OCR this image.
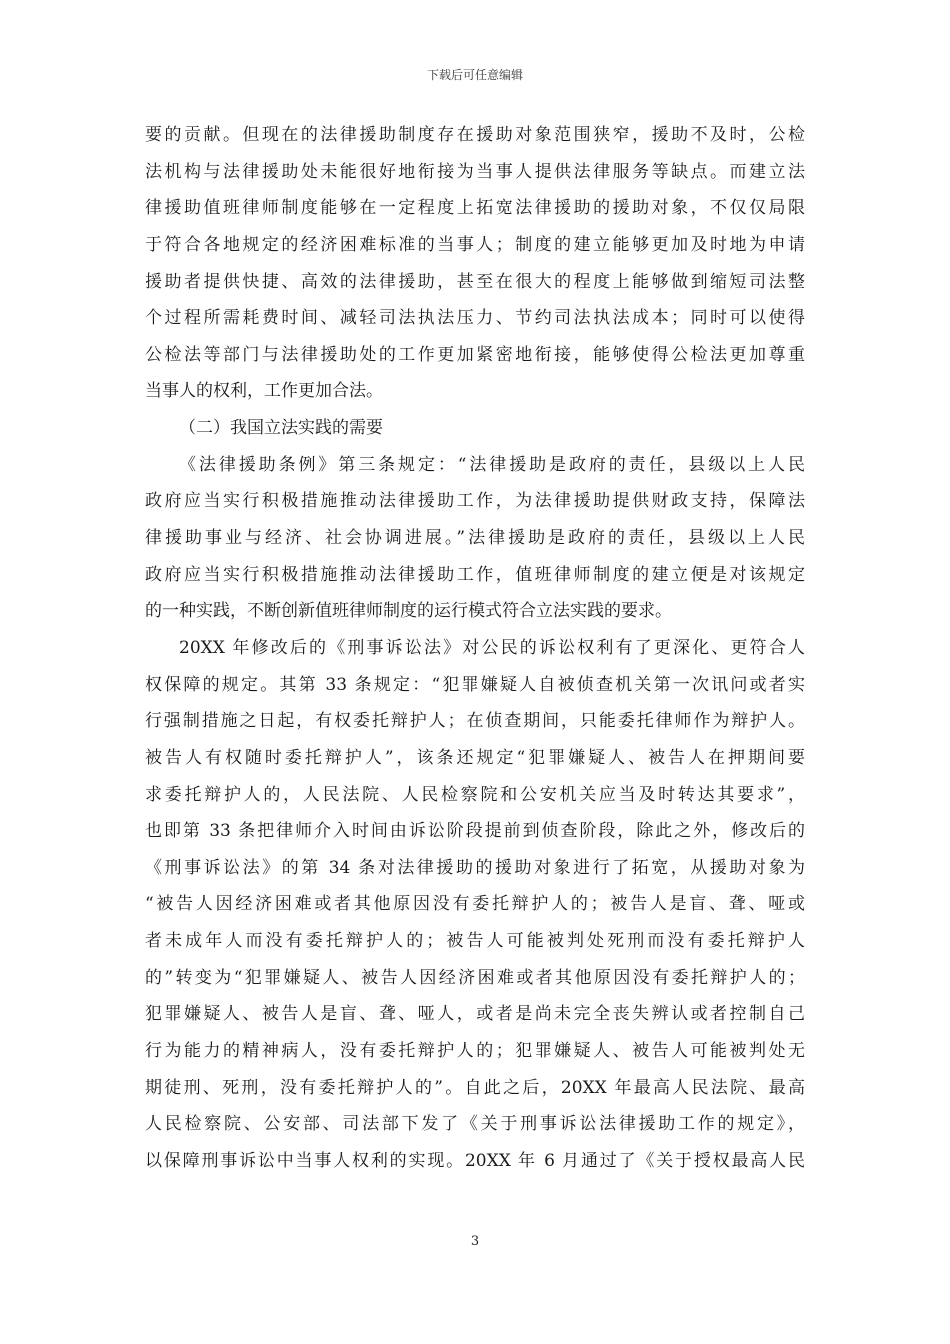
下载后可任意编辑
要的贡献。但现在的法律援助制度存在援助对象范围狭窄，援助不及时，公检
法机构与法律援助处未能很好地衔接为当事人提供法律服务等缺点。而建立法
律援助值班律师制度能够在一定程度上拓宽法律援助的援助对象，不仅仅局限
于符合各地规定的经济困难标准的当事人；制度的建立能够更加及时地为申请
援助者提供快捷、高效的法律援助，甚至在很大的程度上能够做到缩短司法整
个过程所需耗费时间、减轻司法执法压力、节约司法执法成本；同时可以使得
公检法等部门与法律援助处的工作更加紧密地衔接，能够使得公检法更加尊重
当事人的权利，工作更加合法。
（二）我国立法实践的需要
《法律援助条例》第三条规定：“法律援助是政府的责任，县级以上人民
政府应当实行积极措施推动法律援助工作，为法律援助提供财政支持，保障法
律援助事业与经济、社会协调进展。”法律援助是政府的责任，县级以上人民
政府应当实行积极措施推动法律援助工作，值班律师制度的建立便是对该规定
的一种实践，不断创新值班律师制度的运行模式符合立法实践的要求。
20XX 年修改后的《刑事诉讼法》对公民的诉讼权利有了更深化、更符合人
权保障的规定。其第 33 条规定：“犯罪嫌疑人自被侦查机关第一次讯问或者实
行强制措施之日起，有权委托辩护人；在侦查期间，只能委托律师作为辩护人。
被告人有权随时委托辩护人”，该条还规定“犯罪嫌疑人、被告人在押期间要
求委托辩护人的，人民法院、人民检察院和公安机关应当及时转达其要求”，
也即第 33 条把律师介入时间由诉讼阶段提前到侦查阶段，除此之外，修改后的
《刑事诉讼法》的第 34 条对法律援助的援助对象进行了拓宽，从援助对象为
“被告人因经济困难或者其他原因没有委托辩护人的；被告人是盲、聋、哑或
者未成年人而没有委托辩护人的；被告人可能被判处死刑而没有委托辩护人
的”转变为“犯罪嫌疑人、被告人因经济困难或者其他原因没有委托辩护人的；
犯罪嫌疑人、被告人是盲、聋、哑人，或者是尚未完全丧失辨认或者控制自己
行为能力的精神病人，没有委托辩护人的；犯罪嫌疑人、被告人可能被判处无
期徒刑、死刑，没有委托辩护人的”。自此之后，20XX 年最高人民法院、最高
人民检察院、公安部、司法部下发了《关于刑事诉讼法律援助工作的规定》，
以保障刑事诉讼中当事人权利的实现。20XX 年 6 月通过了《关于授权最高人民
3
